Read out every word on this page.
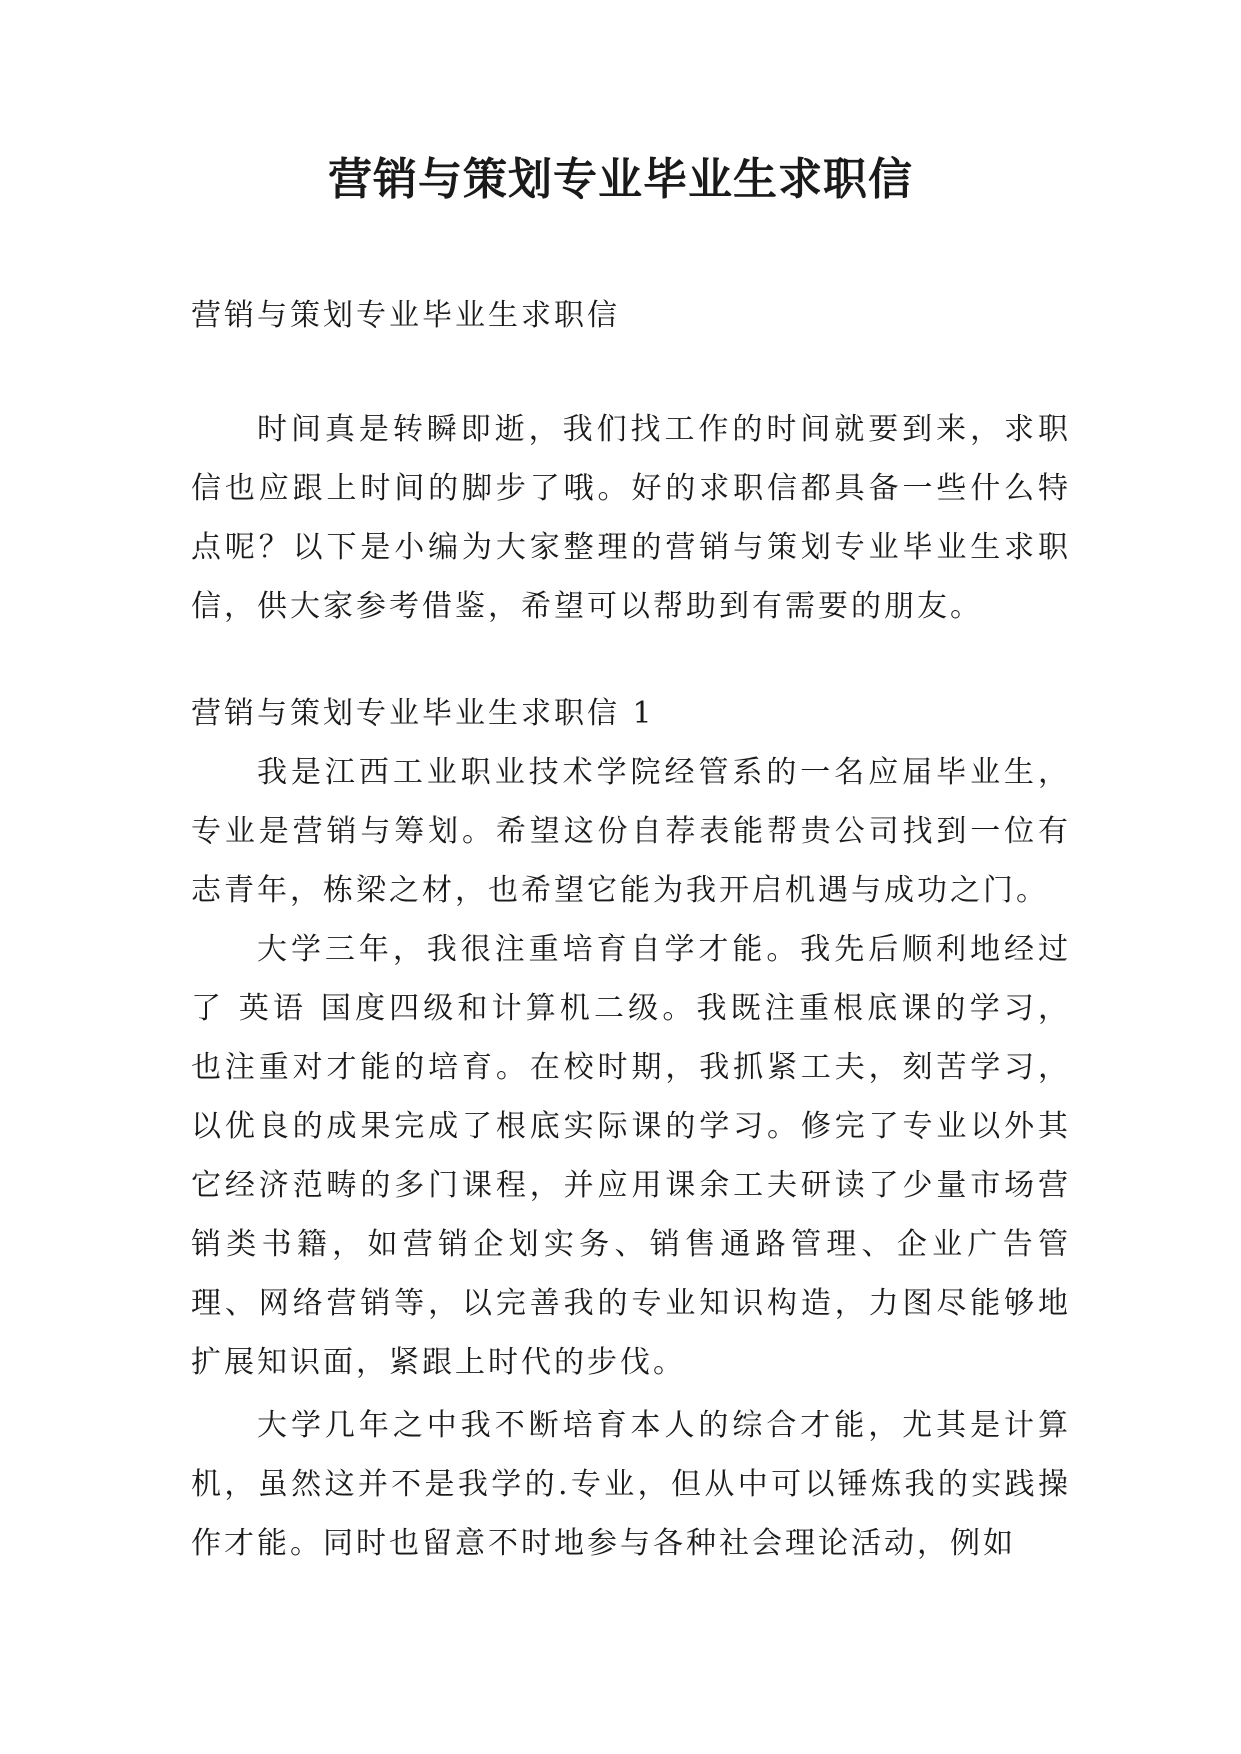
营销与策划专业毕业生求职信

营销与策划专业毕业生求职信

时间真是转瞬即逝，我们找工作的时间就要到来，求职信也应跟上时间的脚步了哦。好的求职信都具备一些什么特点呢？以下是小编为大家整理的营销与策划专业毕业生求职信，供大家参考借鉴，希望可以帮助到有需要的朋友。

营销与策划专业毕业生求职信 1

我是江西工业职业技术学院经管系的一名应届毕业生，专业是营销与筹划。希望这份自荐表能帮贵公司找到一位有志青年，栋梁之材，也希望它能为我开启机遇与成功之门。

大学三年，我很注重培育自学才能。我先后顺利地经过了 英语 国度四级和计算机二级。我既注重根底课的学习，也注重对才能的培育。在校时期，我抓紧工夫，刻苦学习，以优良的成果完成了根底实际课的学习。修完了专业以外其它经济范畴的多门课程，并应用课余工夫研读了少量市场营销类书籍，如营销企划实务、销售通路管理、企业广告管理、网络营销等，以完善我的专业知识构造，力图尽能够地扩展知识面，紧跟上时代的步伐。

大学几年之中我不断培育本人的综合才能，尤其是计算机，虽然这并不是我学的.专业，但从中可以锤炼我的实践操作才能。同时也留意不时地参与各种社会理论活动，例如
